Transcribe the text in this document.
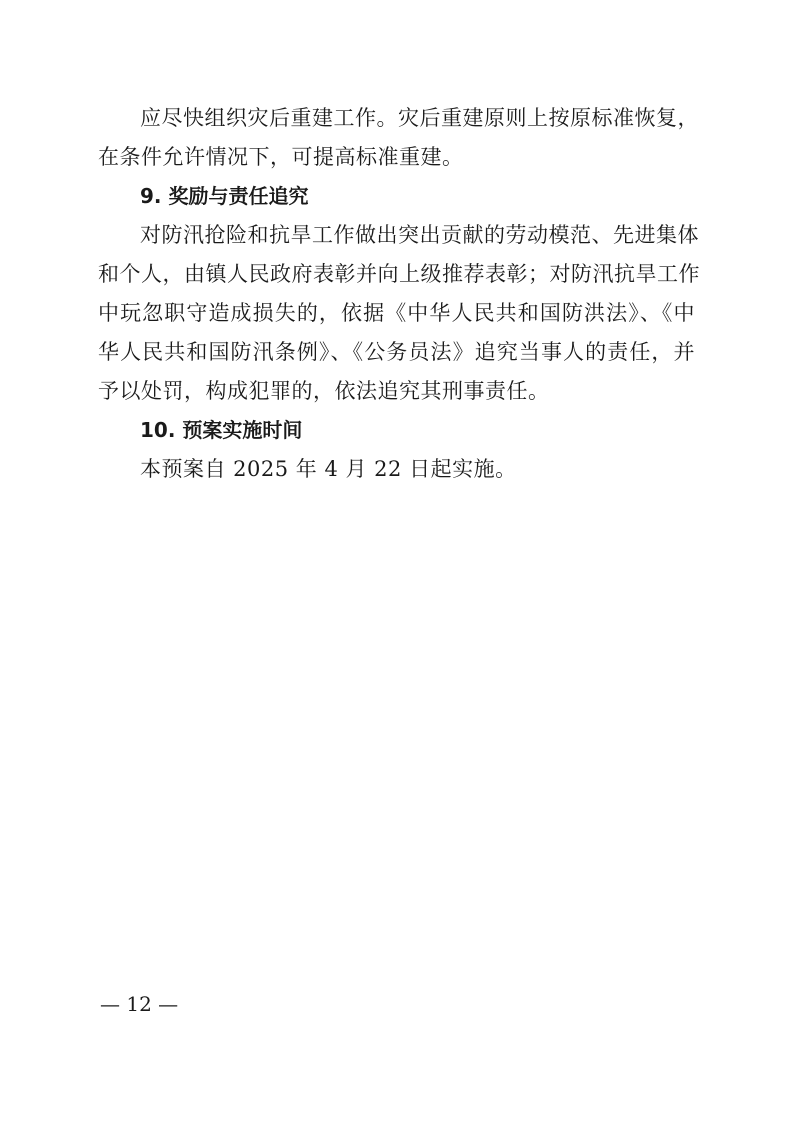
应尽快组织灾后重建工作。灾后重建原则上按原标准恢复，
在条件允许情况下，可提高标准重建。
9. 奖励与责任追究
对防汛抢险和抗旱工作做出突出贡献的劳动模范、先进集体
和个人，由镇人民政府表彰并向上级推荐表彰；对防汛抗旱工作
中玩忽职守造成损失的，依据《中华人民共和国防洪法》、《中
华人民共和国防汛条例》、《公务员法》追究当事人的责任，并
予以处罚，构成犯罪的，依法追究其刑事责任。
10. 预案实施时间
本预案自 2025 年 4 月 22 日起实施。
— 12 —
